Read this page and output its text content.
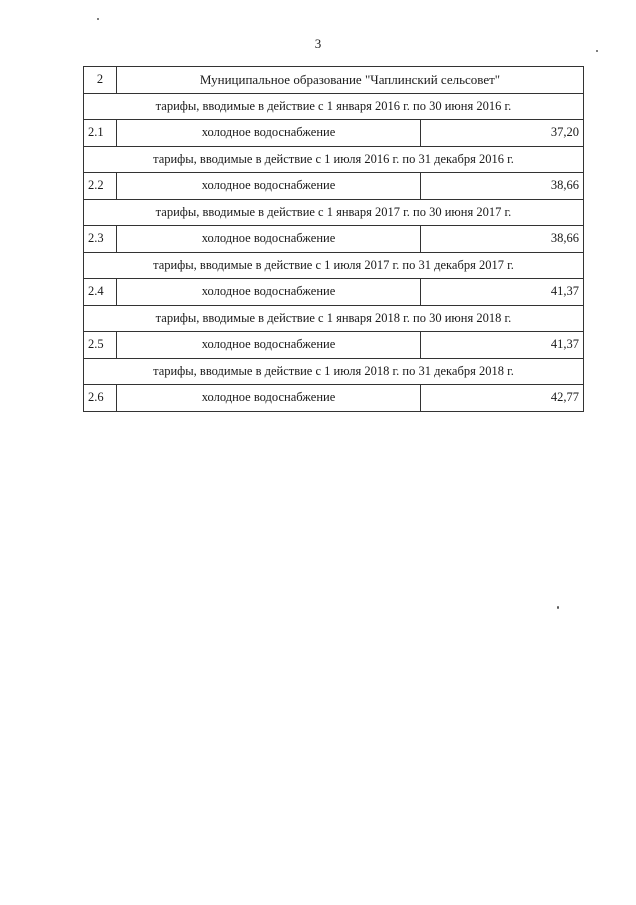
3
2	Муниципальное образование "Чаплинский сельсовет"	
тарифы, вводимые в действие с 1 января 2016 г. по 30 июня 2016 г.		
2.1	холодное водоснабжение	37,20
тарифы, вводимые в действие с 1 июля 2016 г. по 31 декабря 2016 г.		
2.2	холодное водоснабжение	38,66
тарифы, вводимые в действие с 1 января 2017 г. по 30 июня 2017 г.		
2.3	холодное водоснабжение	38,66
тарифы, вводимые в действие с 1 июля 2017 г. по 31 декабря 2017 г.		
2.4	холодное водоснабжение	41,37
тарифы, вводимые в действие с 1 января 2018 г. по 30 июня 2018 г.		
2.5	холодное водоснабжение	41,37
тарифы, вводимые в действие с 1 июля 2018 г. по 31 декабря 2018 г.		
2.6	холодное водоснабжение	42,77
